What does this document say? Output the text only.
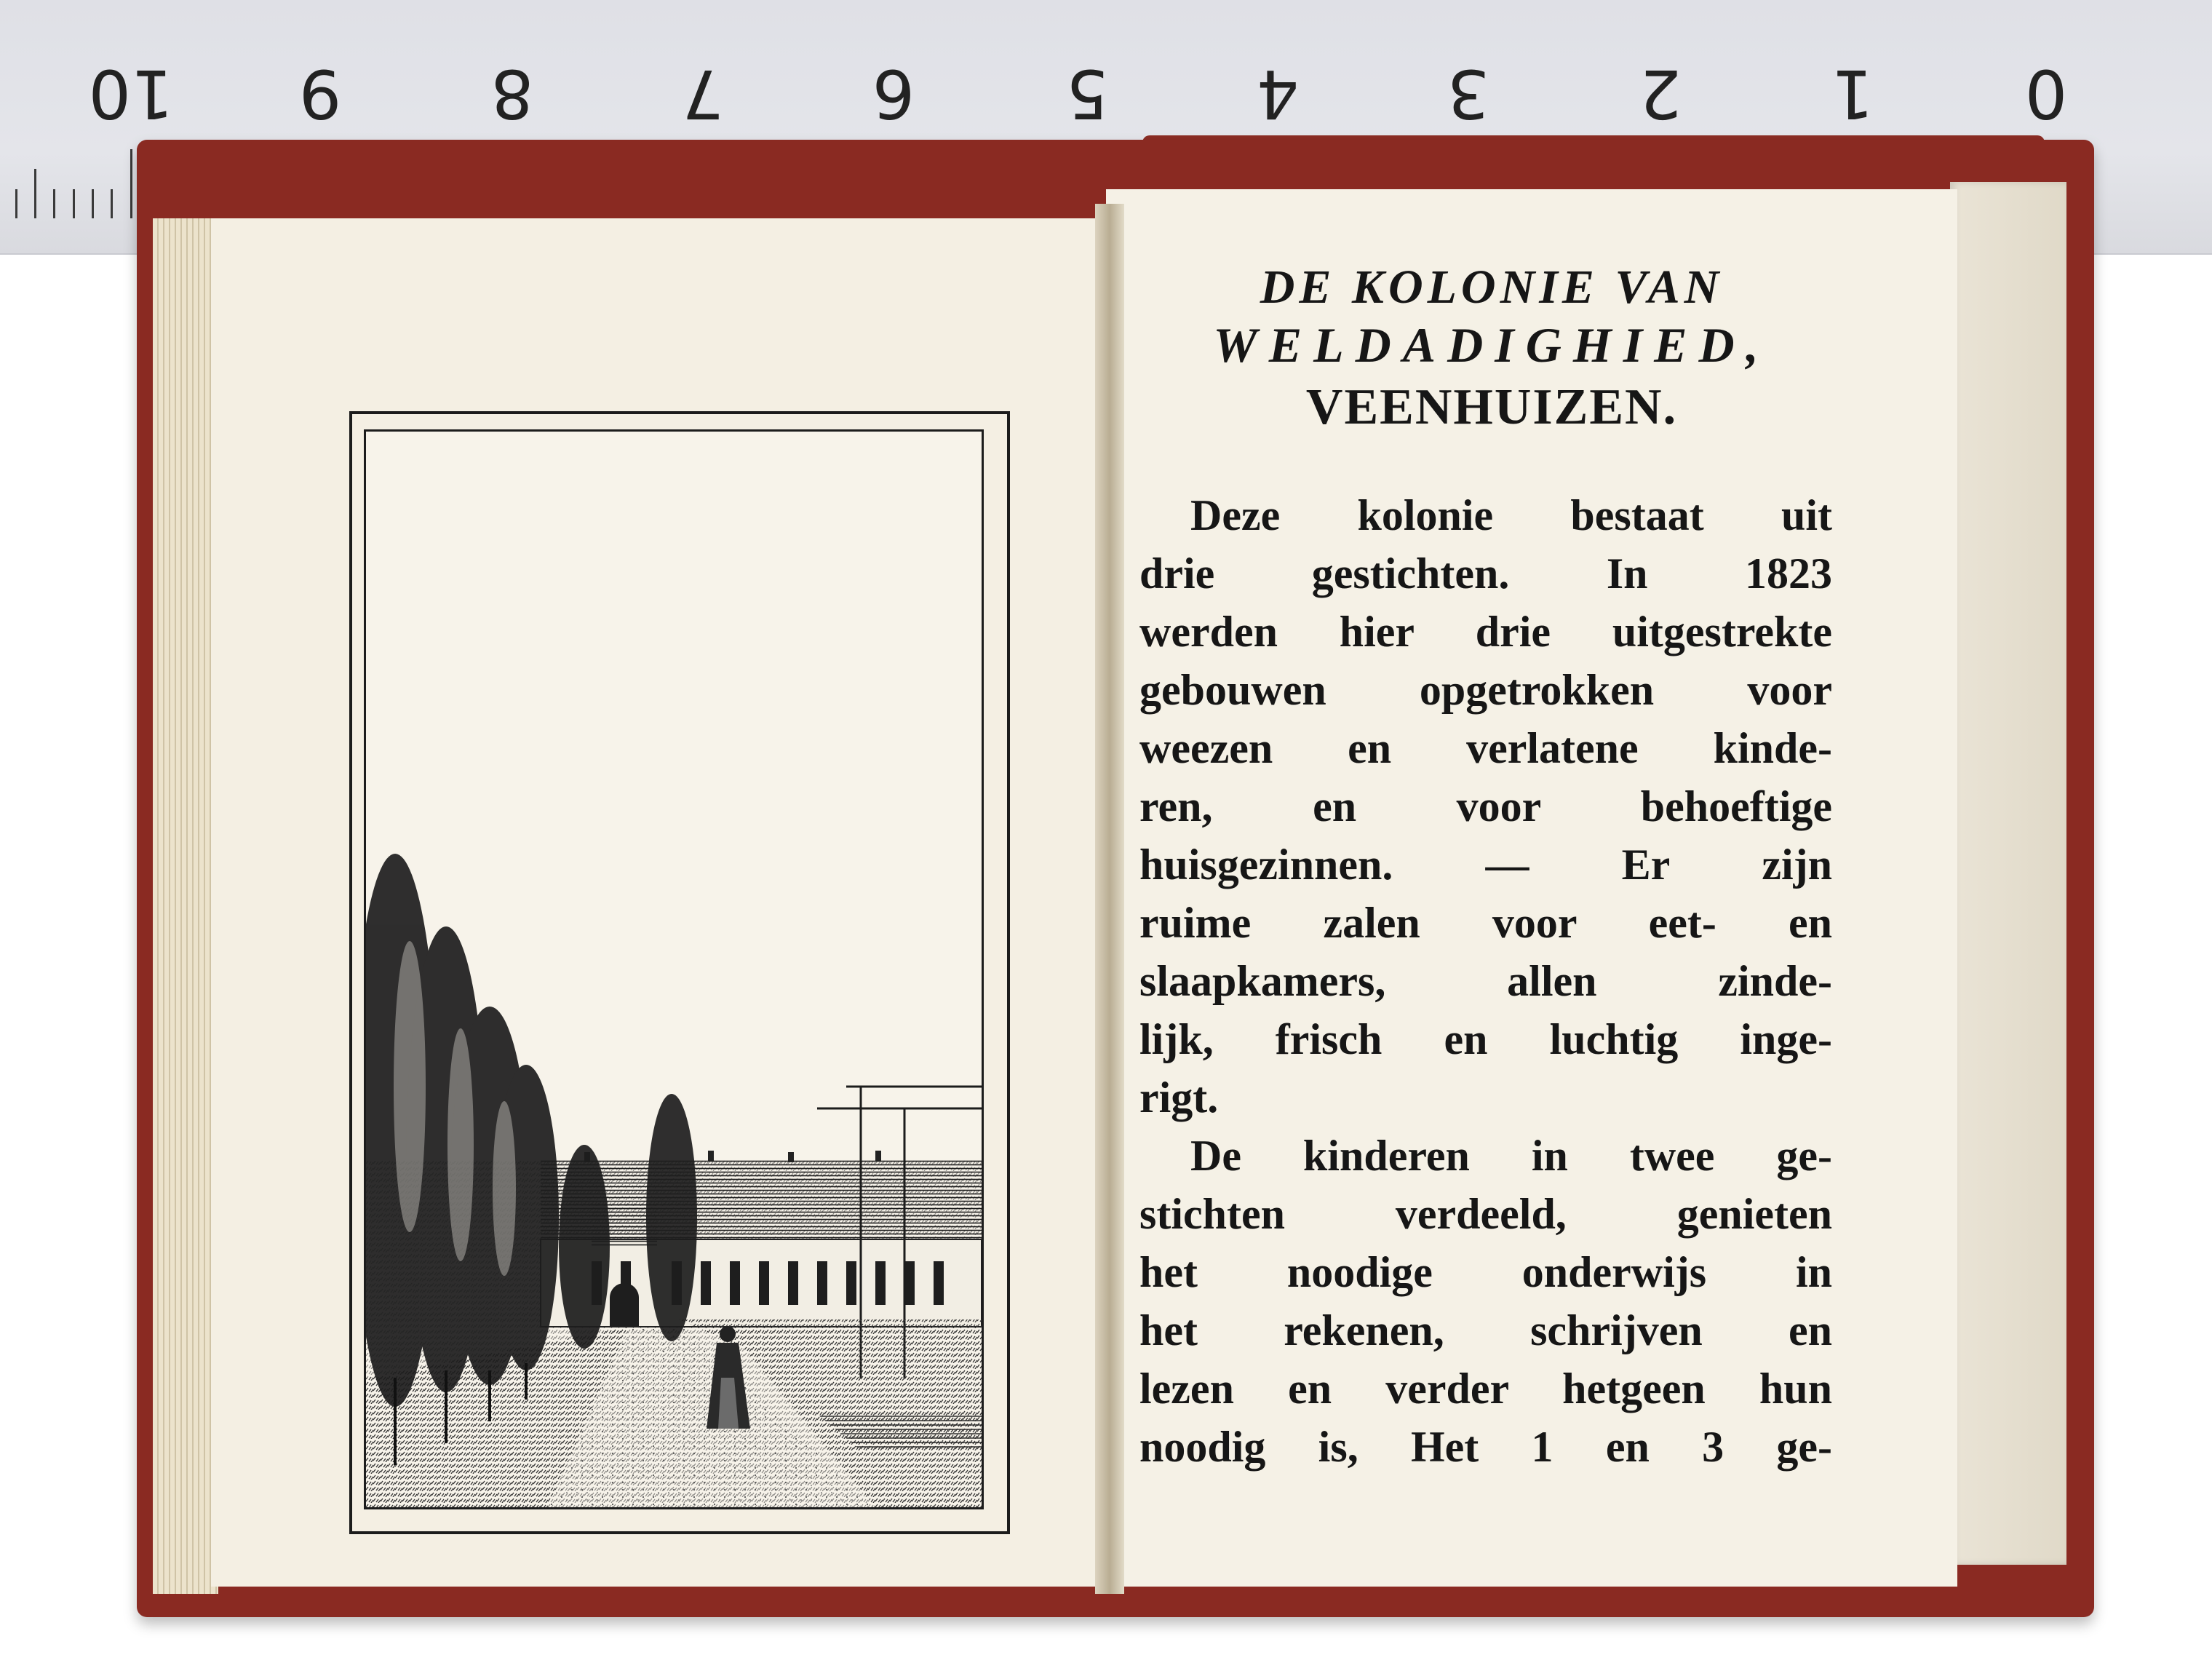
0
1
2
3
4
5
6
7
8
9
10
DE KOLONIE VAN
WELDADIGHIED,
VEENHUIZEN.
Deze kolonie bestaat uit
drie gestichten. In 1823
werden hier drie uitgestrekte
gebouwen opgetrokken voor
weezen en verlatene kinde-
ren, en voor behoeftige
huisgezinnen. — Er zijn
ruime zalen voor eet- en
slaapkamers, allen zinde-
lijk, frisch en luchtig inge-
rigt.
De kinderen in twee ge-
stichten verdeeld, genieten
het noodige onderwijs in
het rekenen, schrijven en
lezen en verder hetgeen hun
noodig is, Het 1 en 3 ge-
